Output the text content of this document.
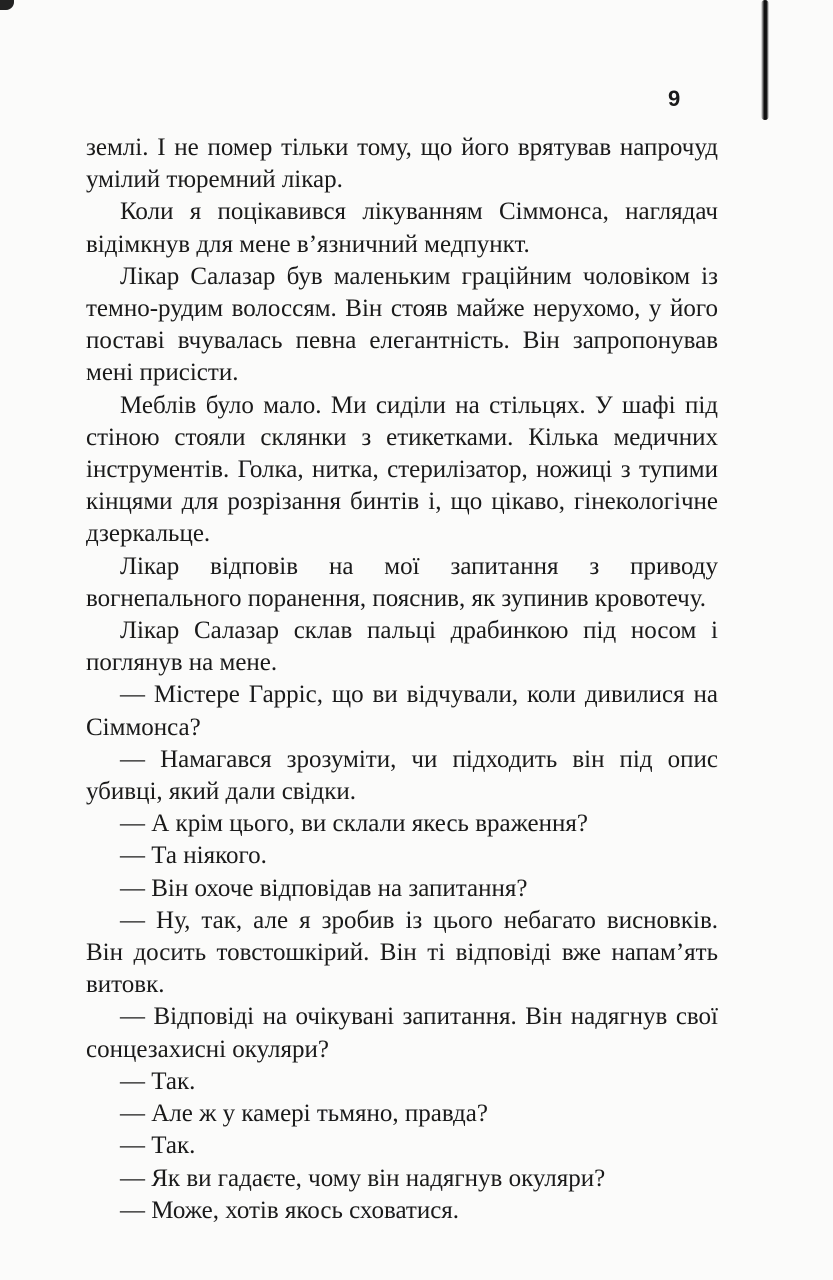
9

землі. І не помер тільки тому, що його врятував напрочуд умілий тюремний лікар.

Коли я поцікавився лікуванням Сіммонса, наглядач відімкнув для мене в’язничний медпункт.

Лікар Салазар був маленьким граційним чоловіком із темно-рудим волоссям. Він стояв майже нерухомо, у його поставі вчувалась певна елегантність. Він запропонував мені присісти.

Меблів було мало. Ми сиділи на стільцях. У шафі під стіною стояли склянки з етикетками. Кілька медичних інструментів. Голка, нитка, стерилізатор, ножиці з тупими кінцями для розрізання бинтів і, що цікаво, гінекологічне дзеркальце.

Лікар відповів на мої запитання з приводу вогнепального поранення, пояснив, як зупинив кровотечу.

Лікар Салазар склав пальці драбинкою під носом і поглянув на мене.

— Містере Гарріс, що ви відчували, коли дивилися на Сіммонса?

— Намагався зрозуміти, чи підходить він під опис убивці, який дали свідки.

— А крім цього, ви склали якесь враження?

— Та ніякого.

— Він охоче відповідав на запитання?

— Ну, так, але я зробив із цього небагато висновків. Він досить товстошкірий. Він ті відповіді вже напам’ять витовк.

— Відповіді на очікувані запитання. Він надягнув свої сонцезахисні окуляри?

— Так.

— Але ж у камері тьмяно, правда?

— Так.

— Як ви гадаєте, чому він надягнув окуляри?

— Може, хотів якось сховатися.
